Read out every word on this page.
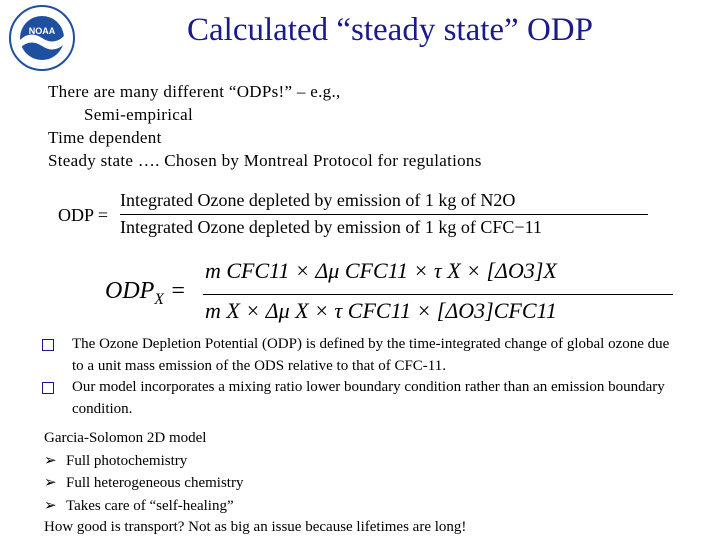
NOAA	Calculated “steady state” ODP
There are many different “ODPs!” – e.g.,
Semi-empirical
Time dependent
Steady state …. Chosen by Montreal Protocol for regulations
ODP =
Integrated Ozone depleted by emission of 1 kg of N2O
Integrated Ozone depleted by emission of 1 kg of CFC−11
$ODP_X$ =
m CFC11 × Δμ CFC11 × τ X × [ΔO3]X
m X × Δμ X × τ CFC11 × [ΔO3]CFC11
The Ozone Depletion Potential (ODP) is defined by the time-integrated change of global ozone due to a unit mass emission of the ODS relative to that of CFC-11.
Our model incorporates a mixing ratio lower boundary condition rather than an emission boundary condition.
Garcia-Solomon 2D model
➢ Full photochemistry
➢ Full heterogeneous chemistry
➢ Takes care of “self-healing”
How good is transport? Not as big an issue because lifetimes are long!
